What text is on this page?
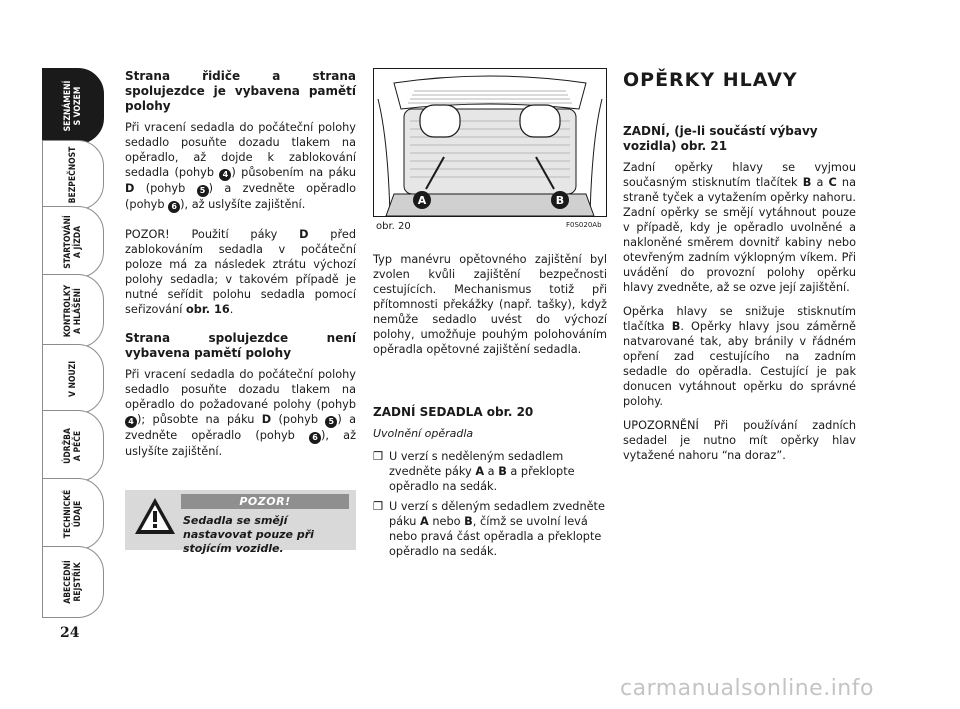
SEZNÁMENÍ
S VOZEM
BEZPEČNOST
STARTOVÁNÍ
A JÍZDA
KONTROLKY
A HLÁŠENÍ
V NOUZI
ÚDRŽBA
A PÉČE
TECHNICKÉ
ÚDAJE
ABECEDNÍ
REJSTŘÍK
24
Strana řidiče a strana spolujezdce je vybavena pamětí polohy

Při vracení sedadla do počáteční polohy sedadlo posuňte dozadu tlakem na opěradlo, až dojde k zablokování sedadla (pohyb 4 ) působením na páku D (pohyb 5 ) a zvedněte opěradlo (pohyb 6 ), až uslyšíte zajištění.

POZOR! Použití páky D před zablokováním sedadla v počáteční poloze má za následek ztrátu výchozí polohy sedadla; v takovém případě je nutné seřídit polohu sedadla pomocí seřizování obr. 16.

Strana spolujezdce není vybavena pamětí polohy

Při vracení sedadla do počáteční polohy sedadlo posuňte dozadu tlakem na opěradlo do požadované polohy (pohyb 4 ); působte na páku D (pohyb 5 ) a zvedněte opěradlo (pohyb 6 ), až uslyšíte zajištění.

POZOR!
Sedadla se smějí nastavovat pouze při stojícím vozidle.
A	B
obr. 20	F0S020Ab

Typ manévru opětovného zajištění byl zvolen kvůli zajištění bezpečnosti cestujících. Mechanismus totiž při přítomnosti překážky (např. tašky), když nemůže sedadlo uvést do výchozí polohy, umožňuje pouhým polohováním opěradla opětovné zajištění sedadla.

ZADNÍ SEDADLA obr. 20
Uvolnění opěradla
❒ U verzí s neděleným sedadlem zvedněte páky A a B a překlopte opěradlo na sedák.
❒ U verzí s děleným sedadlem zvedněte páku A nebo B, čímž se uvolní levá nebo pravá část opěradla a překlopte opěradlo na sedák.
OPĚRKY HLAVY
ZADNÍ, (je-li součástí výbavy vozidla) obr. 21

Zadní opěrky hlavy se vyjmou současným stisknutím tlačítek B a C na straně tyček a vytažením opěrky nahoru. Zadní opěrky se smějí vytáhnout pouze v případě, kdy je opěradlo uvolněné a nakloněné směrem dovnitř kabiny nebo otevřeným zadním výklopným víkem. Při uvádění do provozní polohy opěrku hlavy zvedněte, až se ozve její zajištění.

Opěrka hlavy se snižuje stisknutím tlačítka B. Opěrky hlavy jsou záměrně natvarované tak, aby bránily v řádném opření zad cestujícího na zadním sedadle do opěradla. Cestující je pak donucen vytáhnout opěrku do správné polohy.

UPOZORNĚNÍ Při používání zadních sedadel je nutno mít opěrky hlav vytažené nahoru “na doraz”.

carmanualsonline.info
